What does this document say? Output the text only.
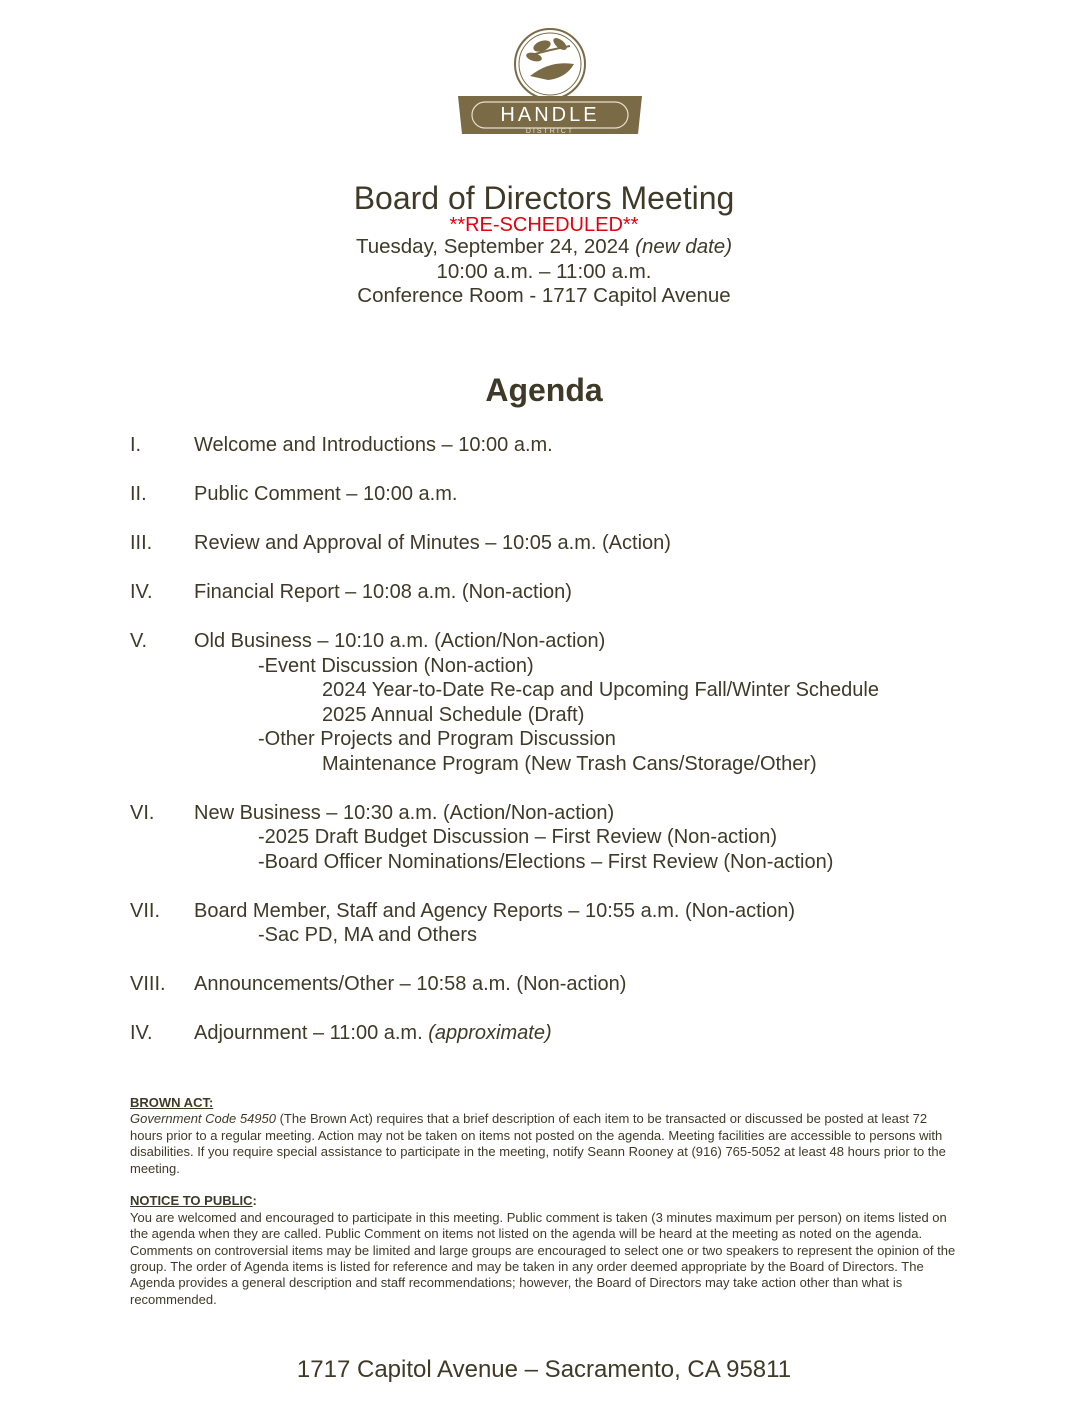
HANDLE
DISTRICT
Board of Directors Meeting
**RE-SCHEDULED**
Tuesday, September 24, 2024 (new date)
10:00 a.m. – 11:00 a.m.
Conference Room - 1717 Capitol Avenue
Agenda
I.	Welcome and Introductions – 10:00 a.m.
II.	Public Comment – 10:00 a.m.
III.	Review and Approval of Minutes – 10:05 a.m. (Action)
IV.	Financial Report – 10:08 a.m. (Non-action)
V.	Old Business – 10:10 a.m. (Action/Non-action)
-Event Discussion (Non-action)
2024 Year-to-Date Re-cap and Upcoming Fall/Winter Schedule
2025 Annual Schedule (Draft)
-Other Projects and Program Discussion
Maintenance Program (New Trash Cans/Storage/Other)
VI.	New Business – 10:30 a.m. (Action/Non-action)
-2025 Draft Budget Discussion – First Review (Non-action)
-Board Officer Nominations/Elections – First Review (Non-action)
VII.	Board Member, Staff and Agency Reports – 10:55 a.m. (Non-action)
-Sac PD, MA and Others
VIII.	Announcements/Other – 10:58 a.m. (Non-action)
IV.	Adjournment – 11:00 a.m. (approximate)
BROWN ACT:

Government Code 54950 (The Brown Act) requires that a brief description of each item to be transacted or discussed be posted at least 72 hours prior to a regular meeting. Action may not be taken on items not posted on the agenda. Meeting facilities are accessible to persons with disabilities. If you require special assistance to participate in the meeting, notify Seann Rooney at (916) 765-5052 at least 48 hours prior to the meeting.

NOTICE TO PUBLIC:

You are welcomed and encouraged to participate in this meeting. Public comment is taken (3 minutes maximum per person) on items listed on the agenda when they are called. Public Comment on items not listed on the agenda will be heard at the meeting as noted on the agenda. Comments on controversial items may be limited and large groups are encouraged to select one or two speakers to represent the opinion of the group. The order of Agenda items is listed for reference and may be taken in any order deemed appropriate by the Board of Directors. The Agenda provides a general description and staff recommendations; however, the Board of Directors may take action other than what is recommended.

1717 Capitol Avenue – Sacramento, CA 95811
